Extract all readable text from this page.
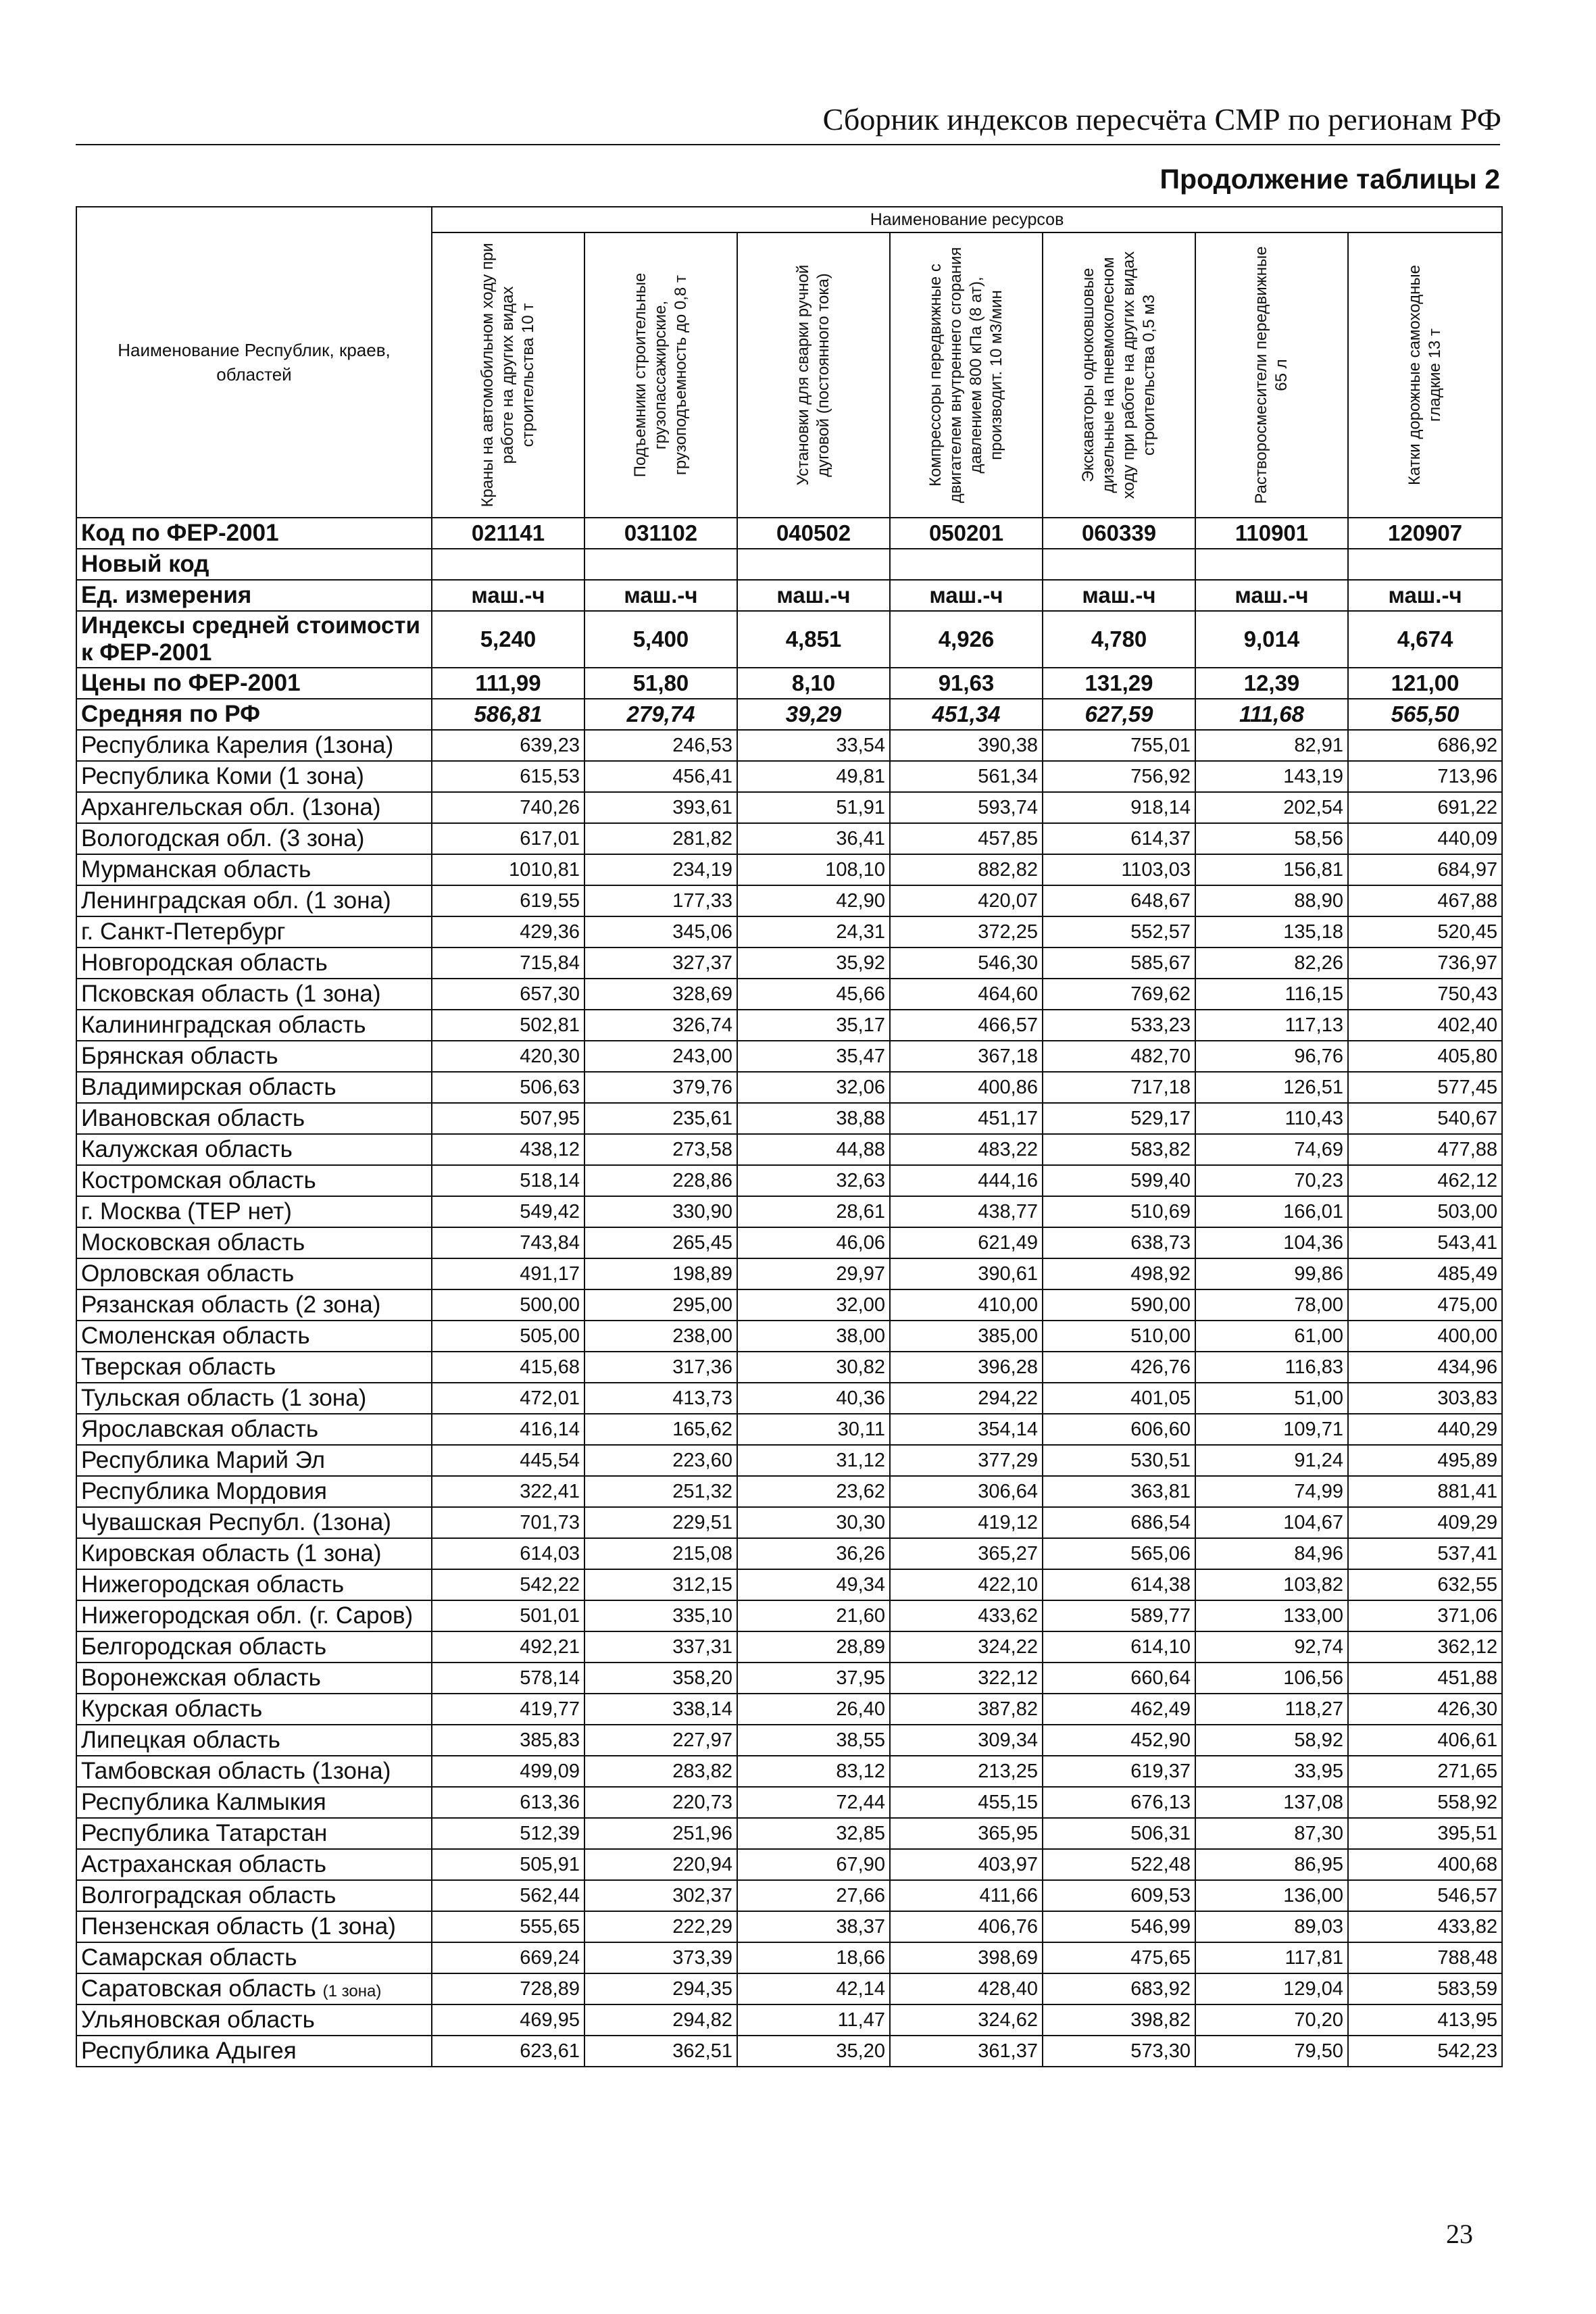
Сборник индексов пересчёта СМР по регионам РФ
Продолжение таблицы 2
Наименование Республик, краев, областей	Наименование ресурсов						

	Краны на автомобильном ходу при работе на других видах строительства 10 т	Подъемники строительные грузопассажирские, грузоподъемность до 0,8 т	Установки для сварки ручной дуговой (постоянного тока)	Компрессоры передвижные с двигателем внутреннего сгорания давлением 800 кПа (8 ат), производит. 10 м3/мин	Экскаваторы одноковшовые дизельные на пневмоколесном ходу при работе на других видах строительства 0,5 м3	Растворосмесители передвижные 65 л	Катки дорожные самоходные гладкие 13 т

Код по ФЕР-2001	021141	031102	040502	050201	060339	110901	120907
Новый код							
Ед. измерения	маш.-ч	маш.-ч	маш.-ч	маш.-ч	маш.-ч	маш.-ч	маш.-ч
Индексы средней стоимости к ФЕР-2001	5,240	5,400	4,851	4,926	4,780	9,014	4,674
Цены по ФЕР-2001	111,99	51,80	8,10	91,63	131,29	12,39	121,00
Средняя по РФ	586,81	279,74	39,29	451,34	627,59	111,68	565,50
Республика Карелия (1зона)	639,23	246,53	33,54	390,38	755,01	82,91	686,92
Республика Коми (1 зона)	615,53	456,41	49,81	561,34	756,92	143,19	713,96
Архангельская обл. (1зона)	740,26	393,61	51,91	593,74	918,14	202,54	691,22
Вологодская обл. (3 зона)	617,01	281,82	36,41	457,85	614,37	58,56	440,09
Мурманская область	1010,81	234,19	108,10	882,82	1103,03	156,81	684,97
Ленинградская обл. (1 зона)	619,55	177,33	42,90	420,07	648,67	88,90	467,88
г. Санкт-Петербург	429,36	345,06	24,31	372,25	552,57	135,18	520,45
Новгородская область	715,84	327,37	35,92	546,30	585,67	82,26	736,97
Псковская область (1 зона)	657,30	328,69	45,66	464,60	769,62	116,15	750,43
Калининградская область	502,81	326,74	35,17	466,57	533,23	117,13	402,40
Брянская область	420,30	243,00	35,47	367,18	482,70	96,76	405,80
Владимирская область	506,63	379,76	32,06	400,86	717,18	126,51	577,45
Ивановская область	507,95	235,61	38,88	451,17	529,17	110,43	540,67
Калужская область	438,12	273,58	44,88	483,22	583,82	74,69	477,88
Костромская область	518,14	228,86	32,63	444,16	599,40	70,23	462,12
г. Москва (ТЕР нет)	549,42	330,90	28,61	438,77	510,69	166,01	503,00
Московская область	743,84	265,45	46,06	621,49	638,73	104,36	543,41
Орловская область	491,17	198,89	29,97	390,61	498,92	99,86	485,49
Рязанская область (2 зона)	500,00	295,00	32,00	410,00	590,00	78,00	475,00
Смоленская область	505,00	238,00	38,00	385,00	510,00	61,00	400,00
Тверская область	415,68	317,36	30,82	396,28	426,76	116,83	434,96
Тульская область (1 зона)	472,01	413,73	40,36	294,22	401,05	51,00	303,83
Ярославская область	416,14	165,62	30,11	354,14	606,60	109,71	440,29
Республика Марий Эл	445,54	223,60	31,12	377,29	530,51	91,24	495,89
Республика Мордовия	322,41	251,32	23,62	306,64	363,81	74,99	881,41
Чувашская Республ. (1зона)	701,73	229,51	30,30	419,12	686,54	104,67	409,29
Кировская область (1 зона)	614,03	215,08	36,26	365,27	565,06	84,96	537,41
Нижегородская область	542,22	312,15	49,34	422,10	614,38	103,82	632,55
Нижегородская обл. (г. Саров)	501,01	335,10	21,60	433,62	589,77	133,00	371,06
Белгородская область	492,21	337,31	28,89	324,22	614,10	92,74	362,12
Воронежская область	578,14	358,20	37,95	322,12	660,64	106,56	451,88
Курская область	419,77	338,14	26,40	387,82	462,49	118,27	426,30
Липецкая область	385,83	227,97	38,55	309,34	452,90	58,92	406,61
Тамбовская область (1зона)	499,09	283,82	83,12	213,25	619,37	33,95	271,65
Республика Калмыкия	613,36	220,73	72,44	455,15	676,13	137,08	558,92
Республика Татарстан	512,39	251,96	32,85	365,95	506,31	87,30	395,51
Астраханская область	505,91	220,94	67,90	403,97	522,48	86,95	400,68
Волгоградская область	562,44	302,37	27,66	411,66	609,53	136,00	546,57
Пензенская область (1 зона)	555,65	222,29	38,37	406,76	546,99	89,03	433,82
Самарская область	669,24	373,39	18,66	398,69	475,65	117,81	788,48
Саратовская область (1 зона)	728,89	294,35	42,14	428,40	683,92	129,04	583,59
Ульяновская область	469,95	294,82	11,47	324,62	398,82	70,20	413,95
Республика Адыгея	623,61	362,51	35,20	361,37	573,30	79,50	542,23
23
